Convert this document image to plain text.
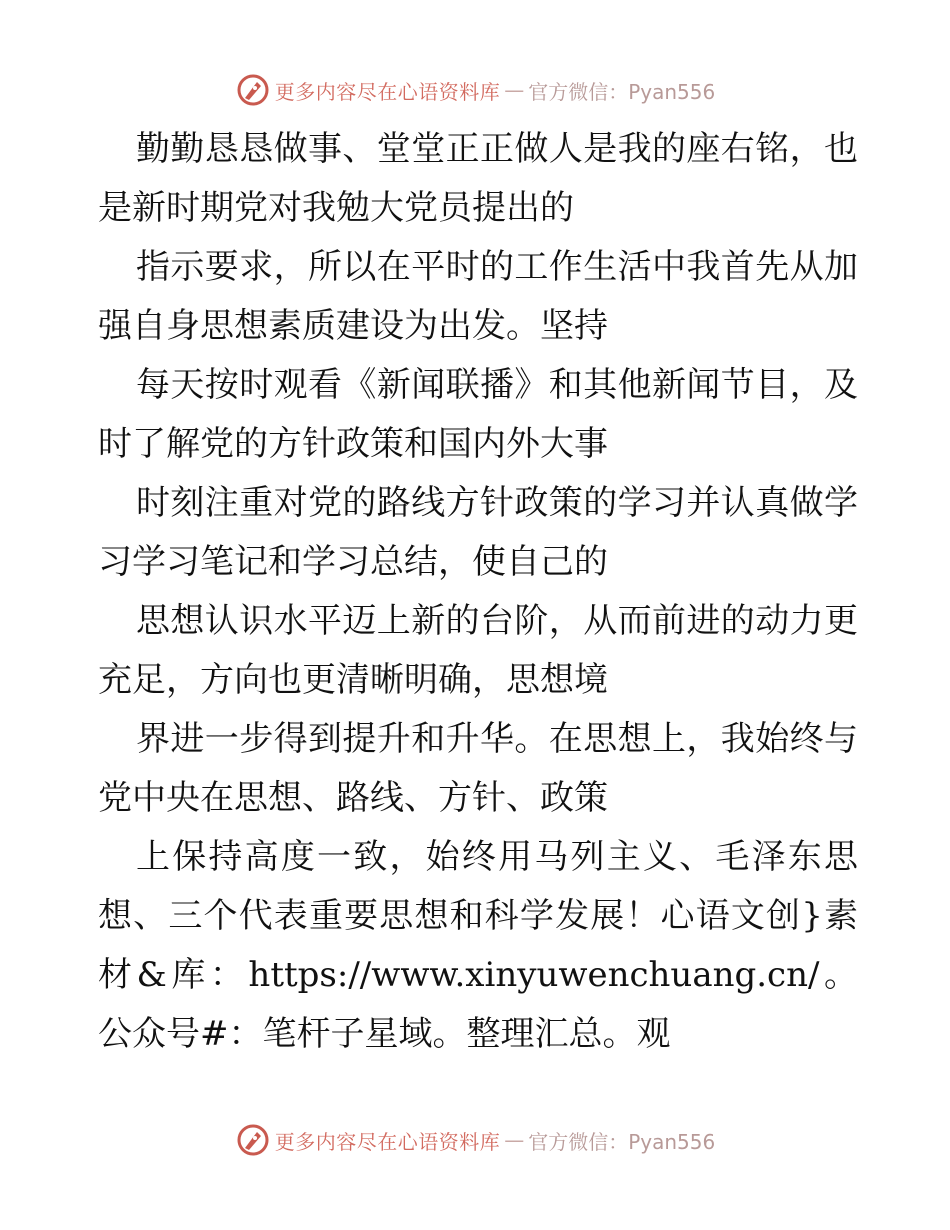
更多内容尽在心语资料库 — 官方微信：Pyan556

勤勤恳恳做事、堂堂正正做人是我的座右铭，也是新时期党对我勉大党员提出的

指示要求，所以在平时的工作生活中我首先从加强自身思想素质建设为出发。坚持

每天按时观看《新闻联播》和其他新闻节目，及时了解党的方针政策和国内外大事

时刻注重对党的路线方针政策的学习并认真做学习学习笔记和学习总结，使自己的

思想认识水平迈上新的台阶，从而前进的动力更充足，方向也更清晰明确，思想境

界进一步得到提升和升华。在思想上，我始终与党中央在思想、路线、方针、政策

上保持高度一致，始终用马列主义、毛泽东思想、三个代表重要思想和科学发展！心语文创}素材&库：https://www.xinyuwenchuang.cn/。公众号#：笔杆子星域。整理汇总。观

更多内容尽在心语资料库 — 官方微信：Pyan556
